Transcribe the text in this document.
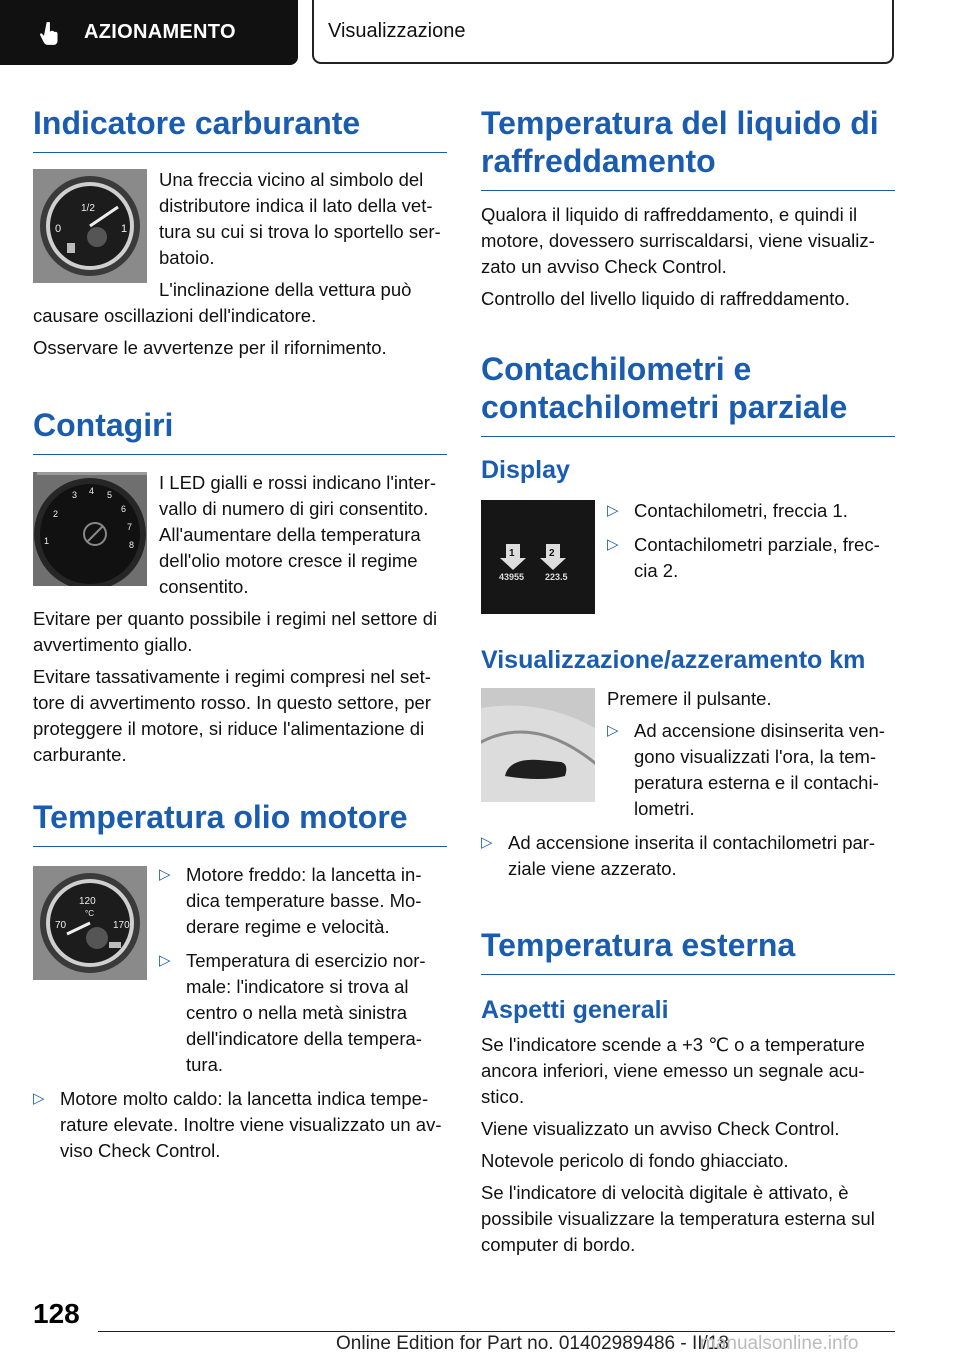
AZIONAMENTO	Visualizzazione
Indicatore carburante
0
1/2
1

Una freccia vicino al simbolo del distributore indica il lato della vet-tura su cui si trova lo sportello ser-batoio.

L'inclinazione della vettura può causare oscillazioni dell'indicatore.

Osservare le avvertenze per il rifornimento.

Contagiri
1
2
3 4 5
6
7
8

I LED gialli e rossi indicano l'inter-vallo di numero di giri consentito. All'aumentare della temperatura dell'olio motore cresce il regime consentito.

Evitare per quanto possibile i regimi nel settore di avvertimento giallo.

Evitare tassativamente i regimi compresi nel set-tore di avvertimento rosso. In questo settore, per proteggere il motore, si riduce l'alimentazione di carburante.

Temperatura olio motore
70
120
°C
170
▷ Motore freddo: la lancetta in-dica temperature basse. Mo-derare regime e velocità.
▷ Temperatura di esercizio nor-male: l'indicatore si trova al centro o nella metà sinistra dell'indicatore della tempera-tura.
▷ Motore molto caldo: la lancetta indica tempe-rature elevate. Inoltre viene visualizzato un av-viso Check Control.
Temperatura del liquido di raffreddamento

Qualora il liquido di raffreddamento, e quindi il motore, dovessero surriscaldarsi, viene visualiz-zato un avviso Check Control.

Controllo del livello liquido di raffreddamento.

Contachilometri e contachilometri parziale
Display
1	2
43955 223.5
▷ Contachilometri, freccia 1.
▷ Contachilometri parziale, frec-cia 2.
Visualizzazione/azzeramento km

Premere il pulsante.

▷ Ad accensione disinserita ven-gono visualizzati l'ora, la tem-peratura esterna e il contachi-lometri.
▷ Ad accensione inserita il contachilometri par-ziale viene azzerato.
Temperatura esterna
Aspetti generali

Se l'indicatore scende a +3 ℃ o a temperature ancora inferiori, viene emesso un segnale acu-stico.

Viene visualizzato un avviso Check Control.

Notevole pericolo di fondo ghiacciato.

Se l'indicatore di velocità digitale è attivato, è possibile visualizzare la temperatura esterna sul computer di bordo.

128
Online Edition for Part no. 01402989486 - II/18
manualsonline.info
